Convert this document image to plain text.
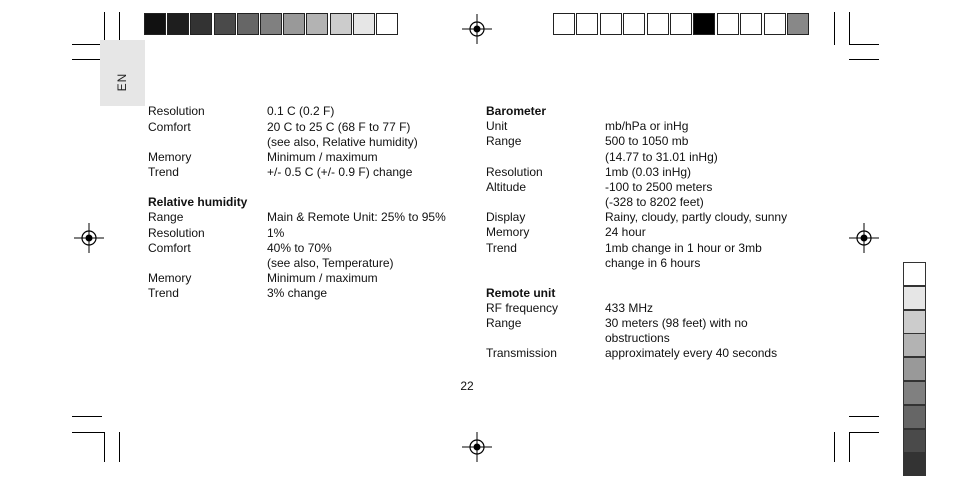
EN
Resolution	0.1 C (0.2 F)
Comfort	20 C to 25 C (68 F to 77 F)
(see also, Relative humidity)
Memory	Minimum / maximum
Trend	+/- 0.5 C (+/- 0.9 F) change
Relative humidity
Range	Main & Remote Unit: 25% to 95%
Resolution	1%
Comfort	40% to 70%
(see also, Temperature)
Memory	Minimum / maximum
Trend	3% change
Barometer
Unit	mb/hPa or inHg
Range	500 to 1050 mb
(14.77 to 31.01 inHg)
Resolution	1mb (0.03 inHg)
Altitude	-100 to 2500 meters
(-328 to 8202 feet)
Display	Rainy, cloudy, partly cloudy, sunny
Memory	24 hour
Trend	1mb change in 1 hour or 3mb
change in 6 hours
Remote unit
RF frequency	433 MHz
Range	30 meters (98 feet) with no
obstructions
Transmission	approximately every 40 seconds
22
